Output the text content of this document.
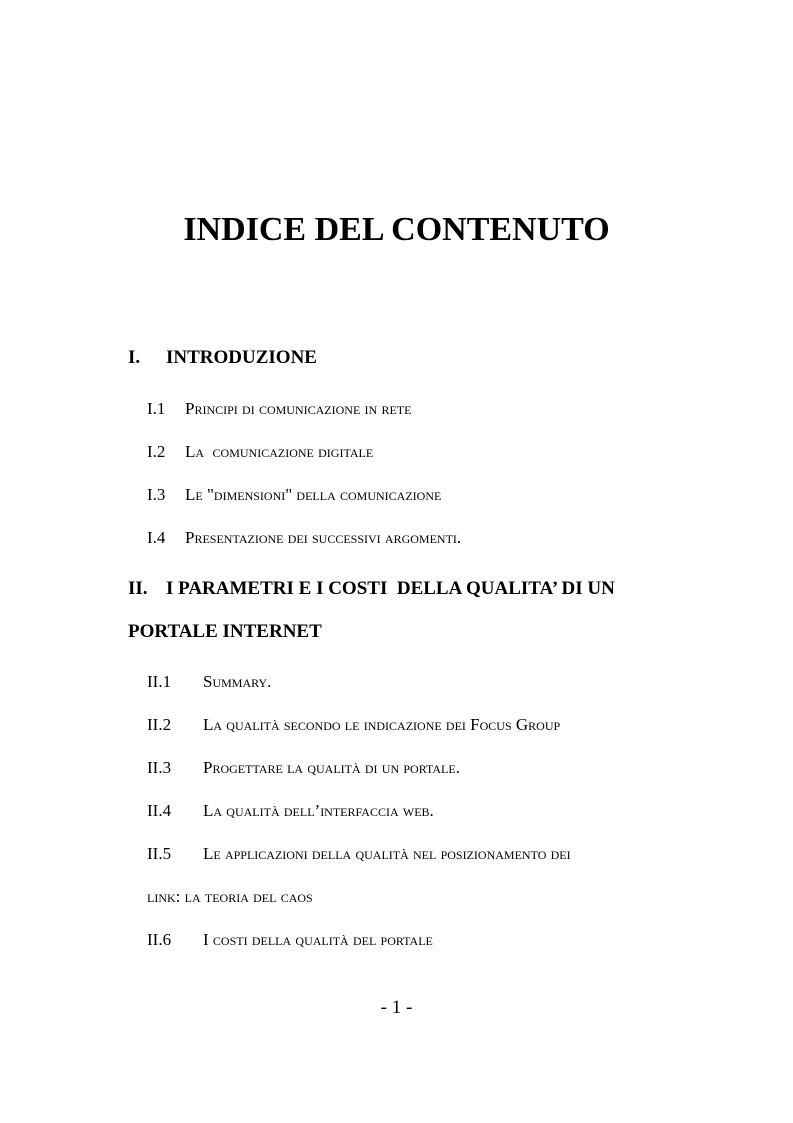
INDICE DEL CONTENUTO
I. INTRODUZIONE
I.1 Principi di comunicazione in rete
I.2 La  comunicazione digitale
I.3 Le "dimensioni" della comunicazione
I.4 Presentazione dei successivi argomenti.
II. I PARAMETRI E I COSTI  DELLA QUALITA’ DI UN
PORTALE INTERNET
II.1 Summary.
II.2 La qualità secondo le indicazione dei Focus Group
II.3 Progettare la qualità di un portale.
II.4 La qualità dell’interfaccia web.
II.5 Le applicazioni della qualità nel posizionamento dei
link: la teoria del caos
II.6 I costi della qualità del portale
- 1 -
